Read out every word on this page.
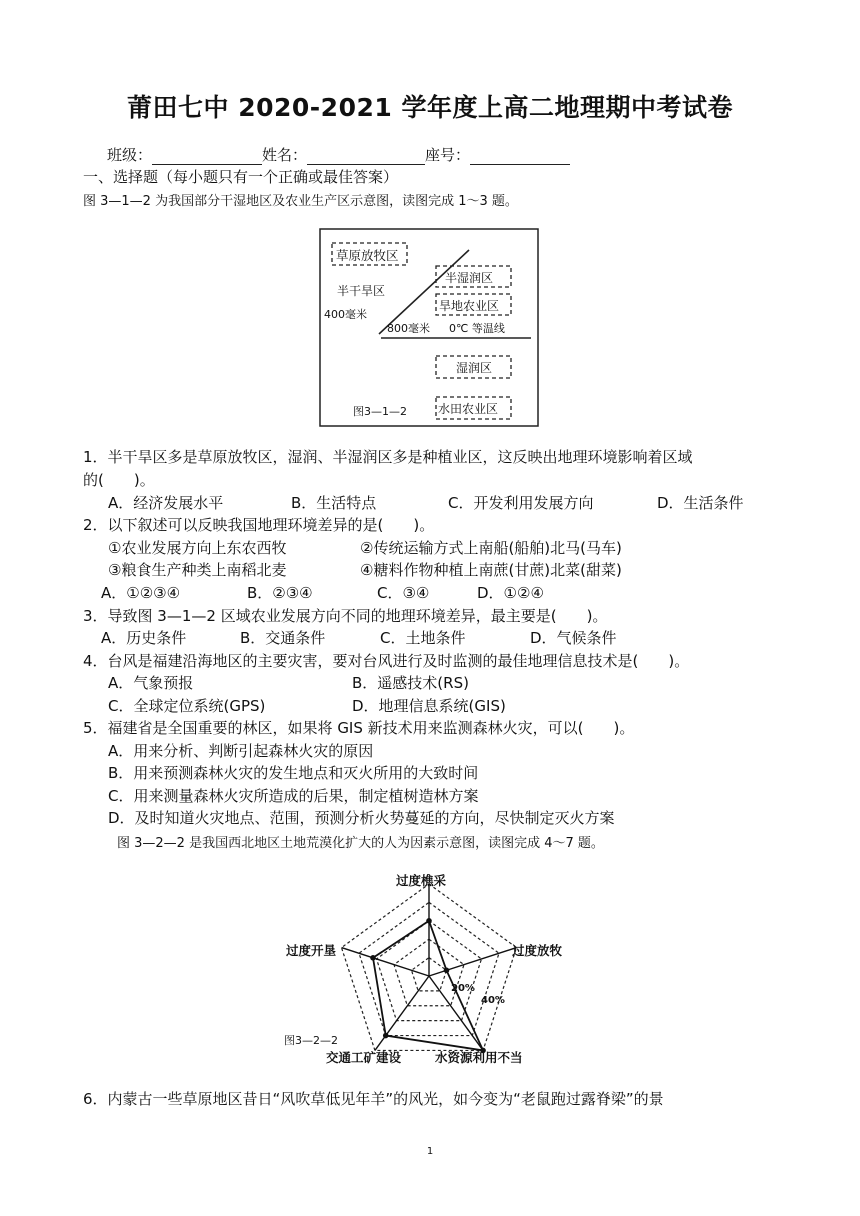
莆田七中 2020-2021 学年度上高二地理期中考试卷
班级：	姓名：	座号：
一、选择题（每小题只有一个正确或最佳答案）
图 3—1—2 为我国部分干湿地区及农业生产区示意图，读图完成 1～3 题。
草原放牧区
半干旱区
400毫米
半湿润区
旱地农业区
800毫米 0℃ 等温线
湿润区
水田农业区
图3—1—2
1．半干旱区多是草原放牧区，湿润、半湿润区多是种植业区，这反映出地理环境影响着区域
的(　　)。
A．经济发展水平	B．生活特点	C．开发利用发展方向	D．生活条件
2．以下叙述可以反映我国地理环境差异的是(　　)。
①农业发展方向上东农西牧	②传统运输方式上南船(船舶)北马(马车)
③粮食生产种类上南稻北麦	④糖料作物种植上南蔗(甘蔗)北菜(甜菜)
A．①②③④	B．②③④	C．③④	D．①②④
3．导致图 3—1—2 区域农业发展方向不同的地理环境差异，最主要是(　　)。
A．历史条件	B．交通条件	C．土地条件	D．气候条件
4．台风是福建沿海地区的主要灾害，要对台风进行及时监测的最佳地理信息技术是(　　)。
A．气象预报	B．遥感技术(RS)
C．全球定位系统(GPS)	D．地理信息系统(GIS)
5．福建省是全国重要的林区，如果将 GIS 新技术用来监测森林火灾，可以(　　)。
A．用来分析、判断引起森林火灾的原因
B．用来预测森林火灾的发生地点和灭火所用的大致时间
C．用来测量森林火灾所造成的后果，制定植树造林方案
D．及时知道火灾地点、范围，预测分析火势蔓延的方向，尽快制定灭火方案
图 3—2—2 是我国西北地区土地荒漠化扩大的人为因素示意图，读图完成 4～7 题。
过度樵采
过度放牧
过度开垦
交通工矿建设	水资源利用不当
20%
40%
图3—2—2
6．内蒙古一些草原地区昔日“风吹草低见年羊”的风光，如今变为“老鼠跑过露脊梁”的景
1
